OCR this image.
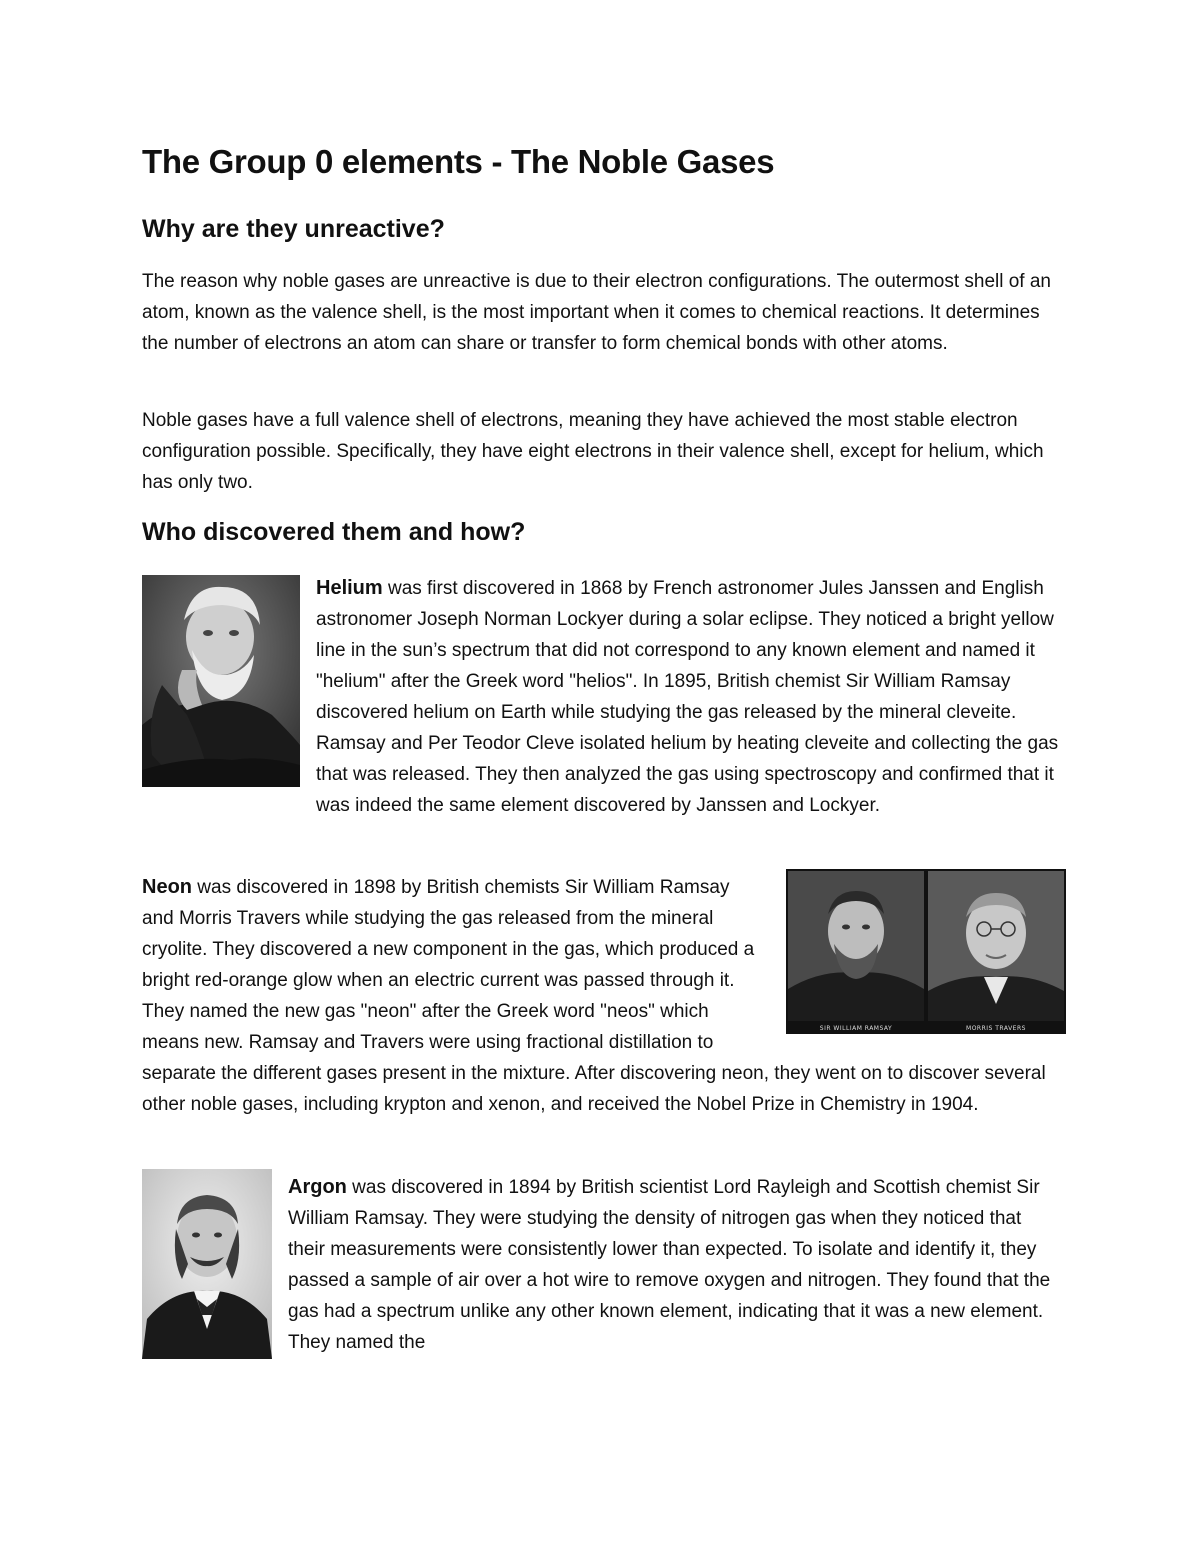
The Group 0 elements - The Noble Gases
Why are they unreactive?

The reason why noble gases are unreactive is due to their electron configurations. The outermost shell of an atom, known as the valence shell, is the most important when it comes to chemical reactions. It determines the number of electrons an atom can share or transfer to form chemical bonds with other atoms.

Noble gases have a full valence shell of electrons, meaning they have achieved the most stable electron configuration possible. Specifically, they have eight electrons in their valence shell, except for helium, which has only two.

Who discovered them and how?

Helium was first discovered in 1868 by French astronomer Jules Janssen and English astronomer Joseph Norman Lockyer during a solar eclipse. They noticed a bright yellow line in the sun’s spectrum that did not correspond to any known element and named it "helium" after the Greek word "helios". In 1895, British chemist Sir William Ramsay discovered helium on Earth while studying the gas released by the mineral cleveite. Ramsay and Per Teodor Cleve isolated helium by heating cleveite and collecting the gas that was released. They then analyzed the gas using spectroscopy and confirmed that it was indeed the same element discovered by Janssen and Lockyer.

SIR WILLIAM RAMSAY	MORRIS TRAVERS

Neon was discovered in 1898 by British chemists Sir William Ramsay and Morris Travers while studying the gas released from the mineral cryolite. They discovered a new component in the gas, which produced a bright red-orange glow when an electric current was passed through it. They named the new gas "neon" after the Greek word "neos" which means new. Ramsay and Travers were using fractional distillation to separate the different gases present in the mixture. After discovering neon, they went on to discover several other noble gases, including krypton and xenon, and received the Nobel Prize in Chemistry in 1904.

Argon was discovered in 1894 by British scientist Lord Rayleigh and Scottish chemist Sir William Ramsay. They were studying the density of nitrogen gas when they noticed that their measurements were consistently lower than expected. To isolate and identify it, they passed a sample of air over a hot wire to remove oxygen and nitrogen. They found that the gas had a spectrum unlike any other known element, indicating that it was a new element. They named the
